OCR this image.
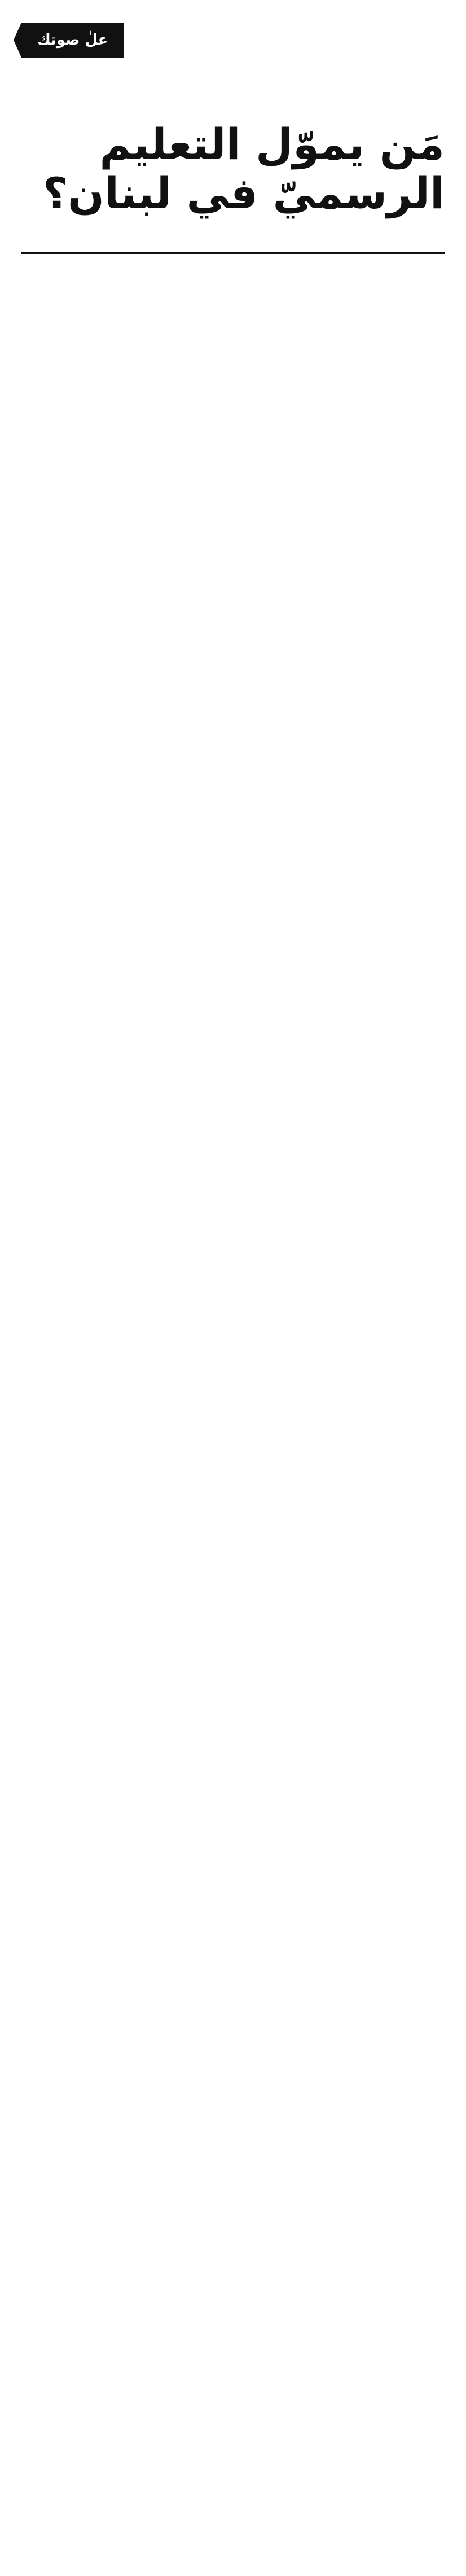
علٰ صوتك
مَن يموّل التعليم
الرسميّ في لبنان؟
